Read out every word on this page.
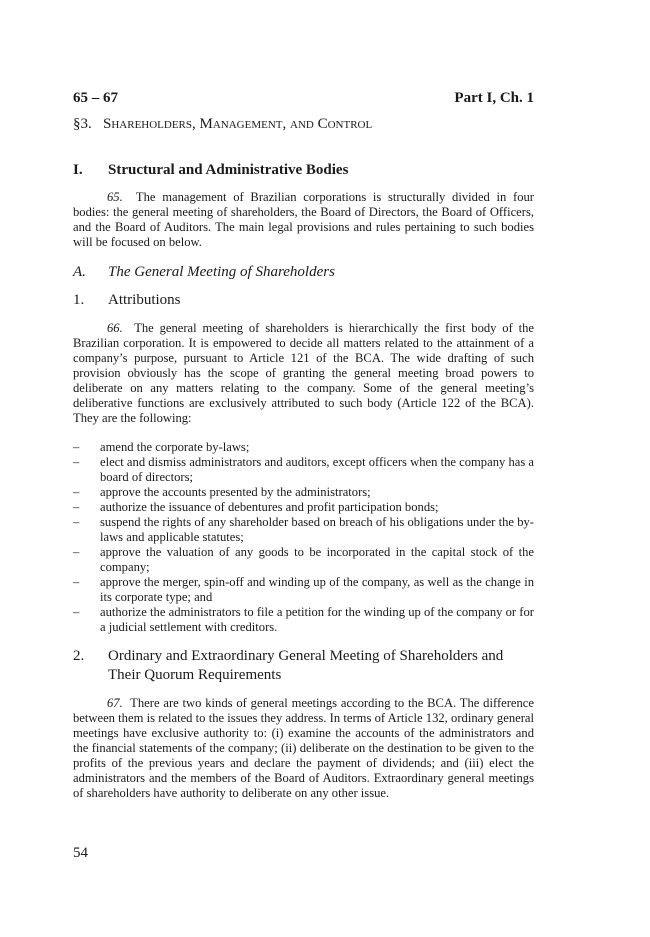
65 – 67	Part I, Ch. 1
§3. Shareholders, Management, and Control
I.	Structural and Administrative Bodies

65. The management of Brazilian corporations is structurally divided in four bodies: the general meeting of shareholders, the Board of Directors, the Board of Officers, and the Board of Auditors. The main legal provisions and rules pertaining to such bodies will be focused on below.

A.	The General Meeting of Shareholders
1.	Attributions

66. The general meeting of shareholders is hierarchically the first body of the Brazilian corporation. It is empowered to decide all matters related to the attainment of a company’s purpose, pursuant to Article 121 of the BCA. The wide drafting of such provision obviously has the scope of granting the general meeting broad powers to deliberate on any matters relating to the company. Some of the general meeting’s deliberative functions are exclusively attributed to such body (Article 122 of the BCA). They are the following:

–	amend the corporate by-laws;
–	elect and dismiss administrators and auditors, except officers when the company has a board of directors;
–	approve the accounts presented by the administrators;
–	authorize the issuance of debentures and profit participation bonds;
–	suspend the rights of any shareholder based on breach of his obligations under the by-laws and applicable statutes;
–	approve the valuation of any goods to be incorporated in the capital stock of the company;
–	approve the merger, spin-off and winding up of the company, as well as the change in its corporate type; and
–	authorize the administrators to file a petition for the winding up of the company or for a judicial settlement with creditors.
2.	Ordinary and Extraordinary General Meeting of Shareholders and Their Quorum Requirements

67. There are two kinds of general meetings according to the BCA. The difference between them is related to the issues they address. In terms of Article 132, ordinary general meetings have exclusive authority to: (i) examine the accounts of the administrators and the financial statements of the company; (ii) deliberate on the destination to be given to the profits of the previous years and declare the payment of dividends; and (iii) elect the administrators and the members of the Board of Auditors. Extraordinary general meetings of shareholders have authority to deliberate on any other issue.

54
